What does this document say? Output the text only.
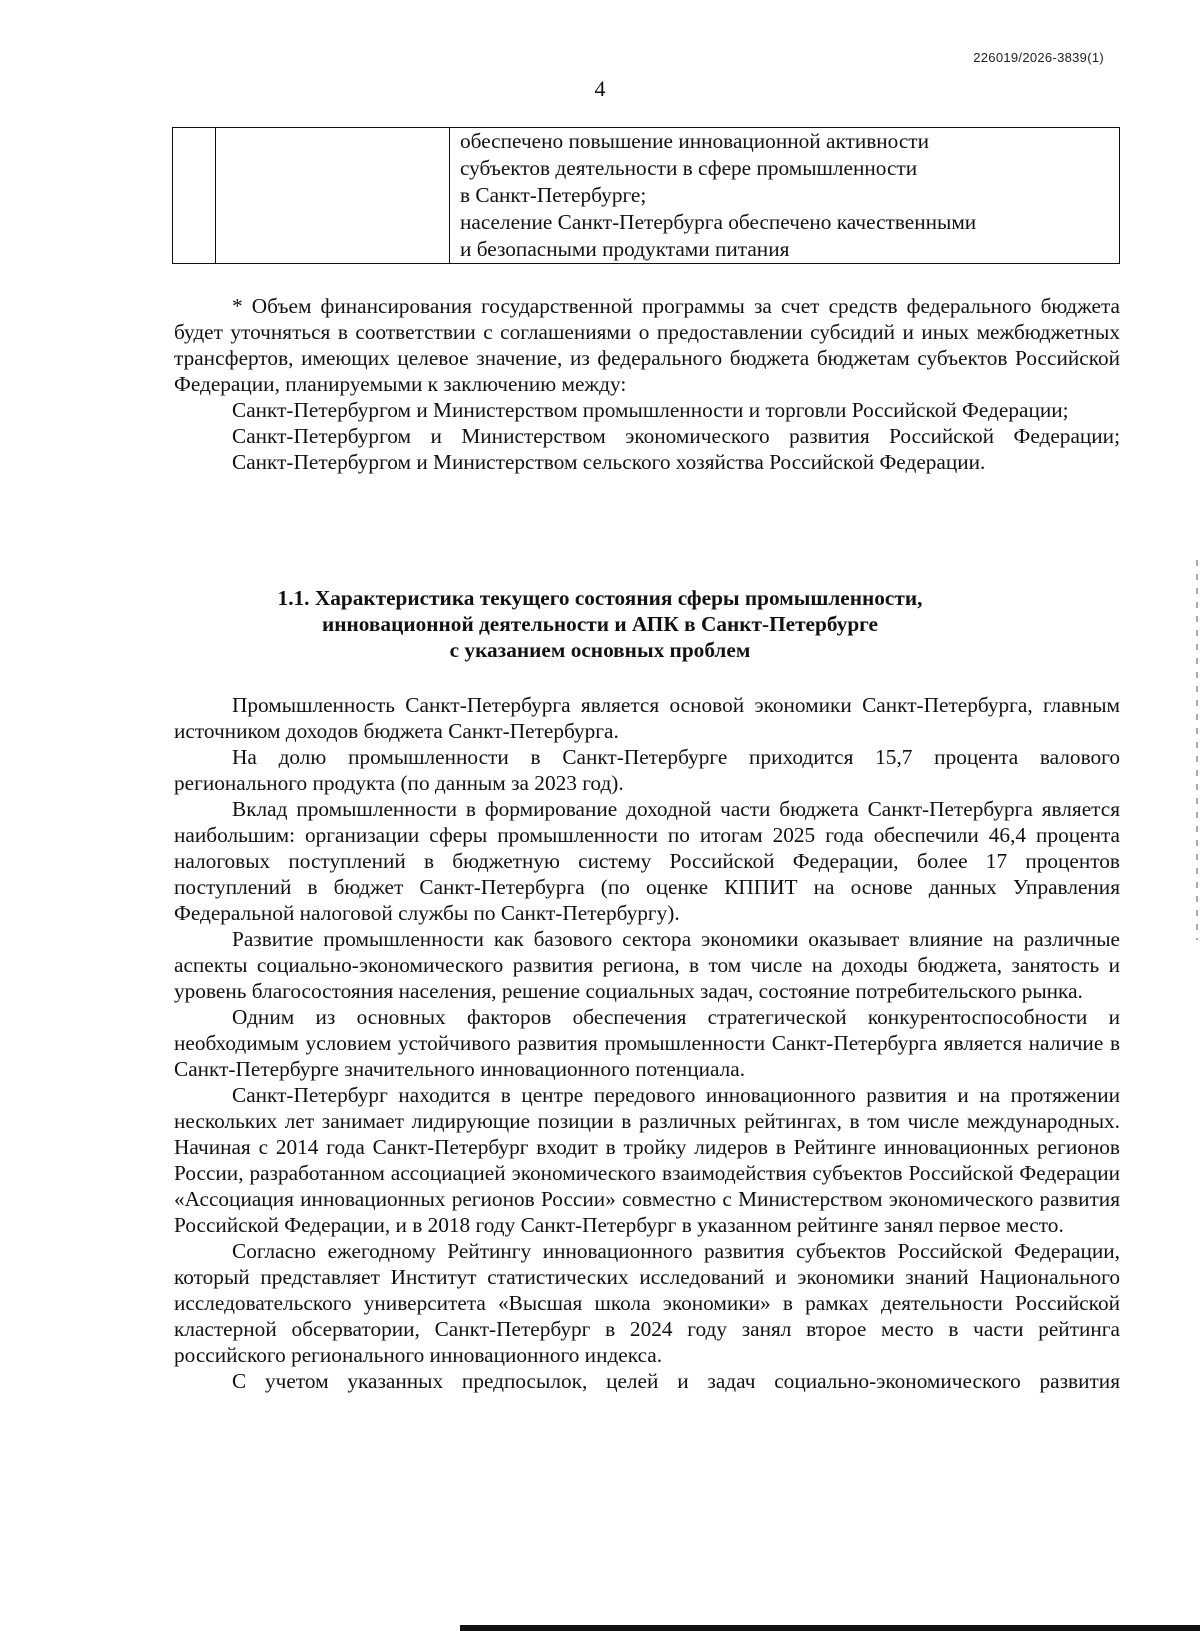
226019/2026-3839(1)
4

обеспечено повышение инновационной активности
субъектов деятельности в сфере промышленности
в Санкт-Петербурге;
население Санкт-Петербурга обеспечено качественными
и безопасными продуктами питания

* Объем финансирования государственной программы за счет средств федерального бюджета будет уточняться в соответствии с соглашениями о предоставлении субсидий и иных межбюджетных трансфертов, имеющих целевое значение, из федерального бюджета бюджетам субъектов Российской Федерации, планируемыми к заключению между:

Санкт-Петербургом и Министерством промышленности и торговли Российской Федерации;

Санкт-Петербургом и Министерством экономического развития Российской Федерации;

Санкт-Петербургом и Министерством сельского хозяйства Российской Федерации.

1.1. Характеристика текущего состояния сферы промышленности,
инновационной деятельности и АПК в Санкт-Петербурге
с указанием основных проблем

Промышленность Санкт-Петербурга является основой экономики Санкт-Петербурга, главным источником доходов бюджета Санкт-Петербурга.

На долю промышленности в Санкт-Петербурге приходится 15,7 процента валового регионального продукта (по данным за 2023 год).

Вклад промышленности в формирование доходной части бюджета Санкт-Петербурга является наибольшим: организации сферы промышленности по итогам 2025 года обеспечили 46,4 процента налоговых поступлений в бюджетную систему Российской Федерации, более 17 процентов поступлений в бюджет Санкт-Петербурга (по оценке КППИТ на основе данных Управления Федеральной налоговой службы по Санкт-Петербургу).

Развитие промышленности как базового сектора экономики оказывает влияние на различные аспекты социально-экономического развития региона, в том числе на доходы бюджета, занятость и уровень благосостояния населения, решение социальных задач, состояние потребительского рынка.

Одним из основных факторов обеспечения стратегической конкурентоспособности и необходимым условием устойчивого развития промышленности Санкт-Петербурга является наличие в Санкт-Петербурге значительного инновационного потенциала.

Санкт-Петербург находится в центре передового инновационного развития и на протяжении нескольких лет занимает лидирующие позиции в различных рейтингах, в том числе международных. Начиная с 2014 года Санкт-Петербург входит в тройку лидеров в Рейтинге инновационных регионов России, разработанном ассоциацией экономического взаимодействия субъектов Российской Федерации «Ассоциация инновационных регионов России» совместно с Министерством экономического развития Российской Федерации, и в 2018 году Санкт-Петербург в указанном рейтинге занял первое место.

Согласно ежегодному Рейтингу инновационного развития субъектов Российской Федерации, который представляет Институт статистических исследований и экономики знаний Национального исследовательского университета «Высшая школа экономики» в рамках деятельности Российской кластерной обсерватории, Санкт-Петербург в 2024 году занял второе место в части рейтинга российского регионального инновационного индекса.

С учетом указанных предпосылок, целей и задач социально-экономического развития
